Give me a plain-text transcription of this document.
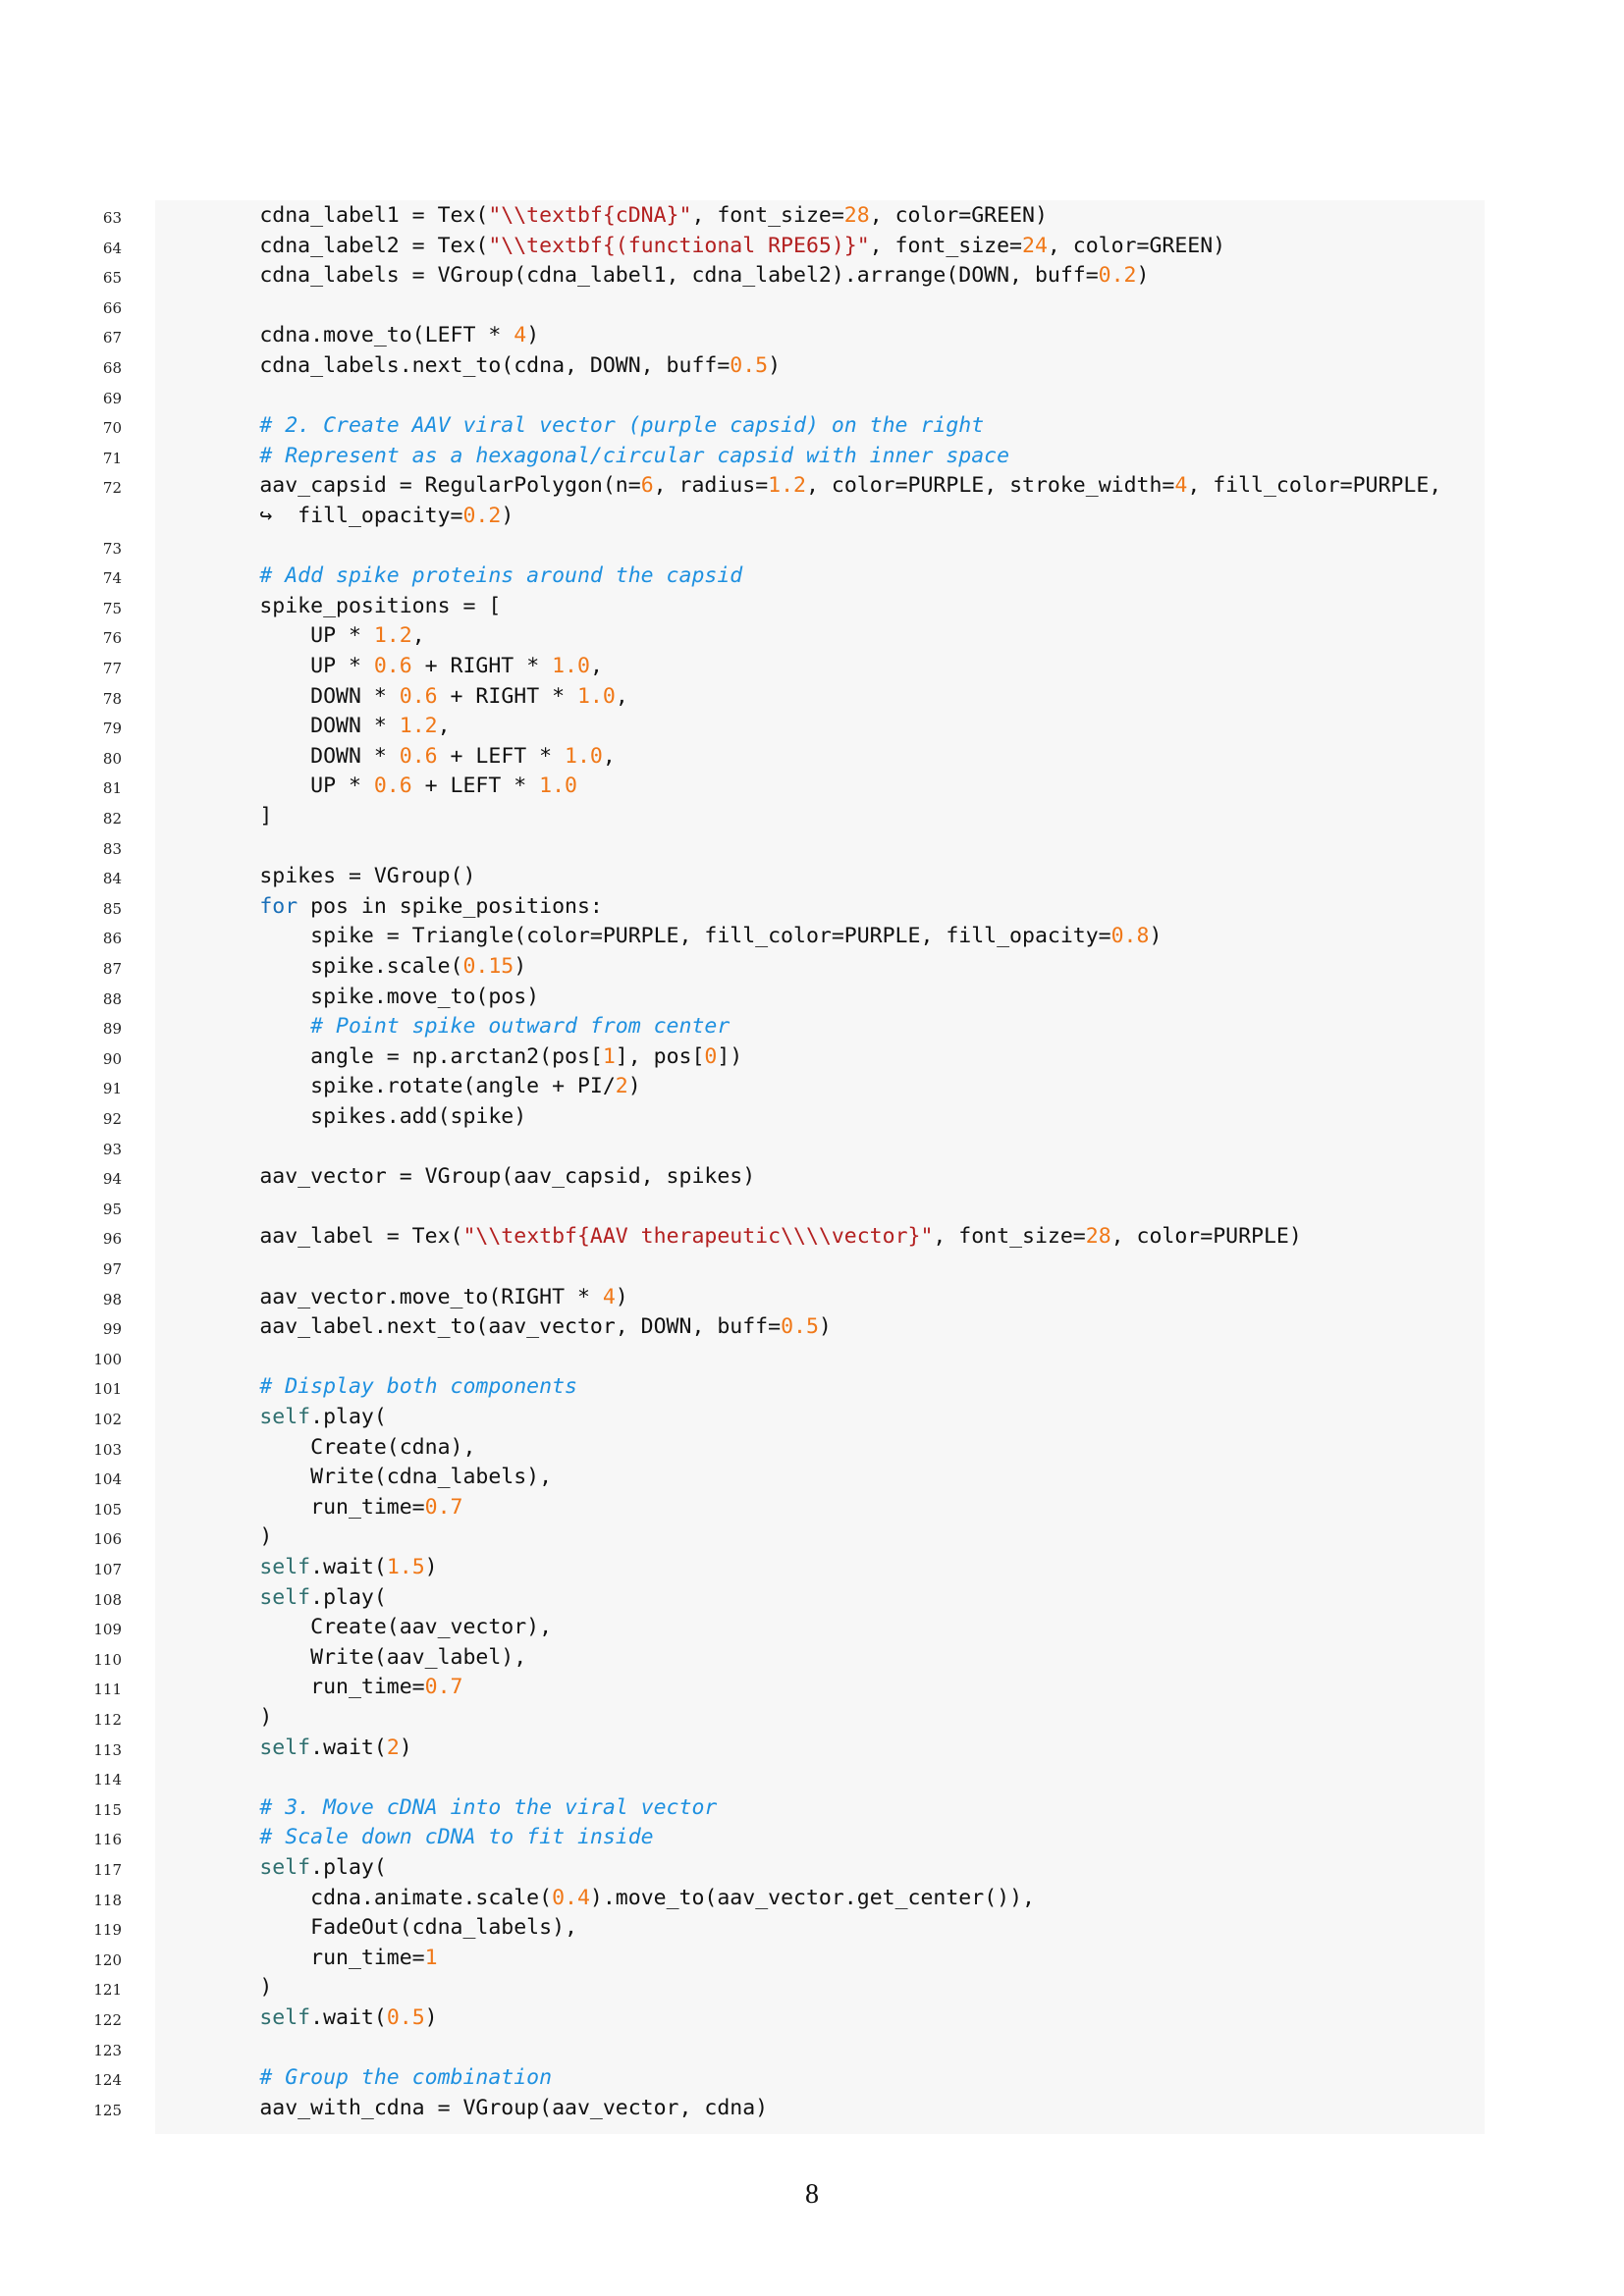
63 cdna_label1 = Tex("\\textbf{cDNA}", font_size=28, color=GREEN)
64 cdna_label2 = Tex("\\textbf{(functional RPE65)}", font_size=24, color=GREEN)
65 cdna_labels = VGroup(cdna_label1, cdna_label2).arrange(DOWN, buff=0.2)
66
67 cdna.move_to(LEFT * 4)
68 cdna_labels.next_to(cdna, DOWN, buff=0.5)
69
70 # 2. Create AAV viral vector (purple capsid) on the right
71 # Represent as a hexagonal/circular capsid with inner space
72 aav_capsid = RegularPolygon(n=6, radius=1.2, color=PURPLE, stroke_width=4, fill_color=PURPLE,
↪  fill_opacity=0.2)
73
74 # Add spike proteins around the capsid
75 spike_positions = [
76 UP * 1.2,
77 UP * 0.6 + RIGHT * 1.0,
78 DOWN * 0.6 + RIGHT * 1.0,
79 DOWN * 1.2,
80 DOWN * 0.6 + LEFT * 1.0,
81 UP * 0.6 + LEFT * 1.0
82 ]
83
84 spikes = VGroup()
85 for pos in spike_positions:
86 spike = Triangle(color=PURPLE, fill_color=PURPLE, fill_opacity=0.8)
87 spike.scale(0.15)
88 spike.move_to(pos)
89 # Point spike outward from center
90 angle = np.arctan2(pos[1], pos[0])
91 spike.rotate(angle + PI/2)
92 spikes.add(spike)
93
94 aav_vector = VGroup(aav_capsid, spikes)
95
96 aav_label = Tex("\\textbf{AAV therapeutic\\\\vector}", font_size=28, color=PURPLE)
97
98 aav_vector.move_to(RIGHT * 4)
99 aav_label.next_to(aav_vector, DOWN, buff=0.5)
100
101 # Display both components
102 self.play(
103 Create(cdna),
104 Write(cdna_labels),
105 run_time=0.7
106 )
107 self.wait(1.5)
108 self.play(
109 Create(aav_vector),
110 Write(aav_label),
111 run_time=0.7
112 )
113 self.wait(2)
114
115 # 3. Move cDNA into the viral vector
116 # Scale down cDNA to fit inside
117 self.play(
118 cdna.animate.scale(0.4).move_to(aav_vector.get_center()),
119 FadeOut(cdna_labels),
120 run_time=1
121 )
122 self.wait(0.5)
123
124 # Group the combination
125 aav_with_cdna = VGroup(aav_vector, cdna)
8
